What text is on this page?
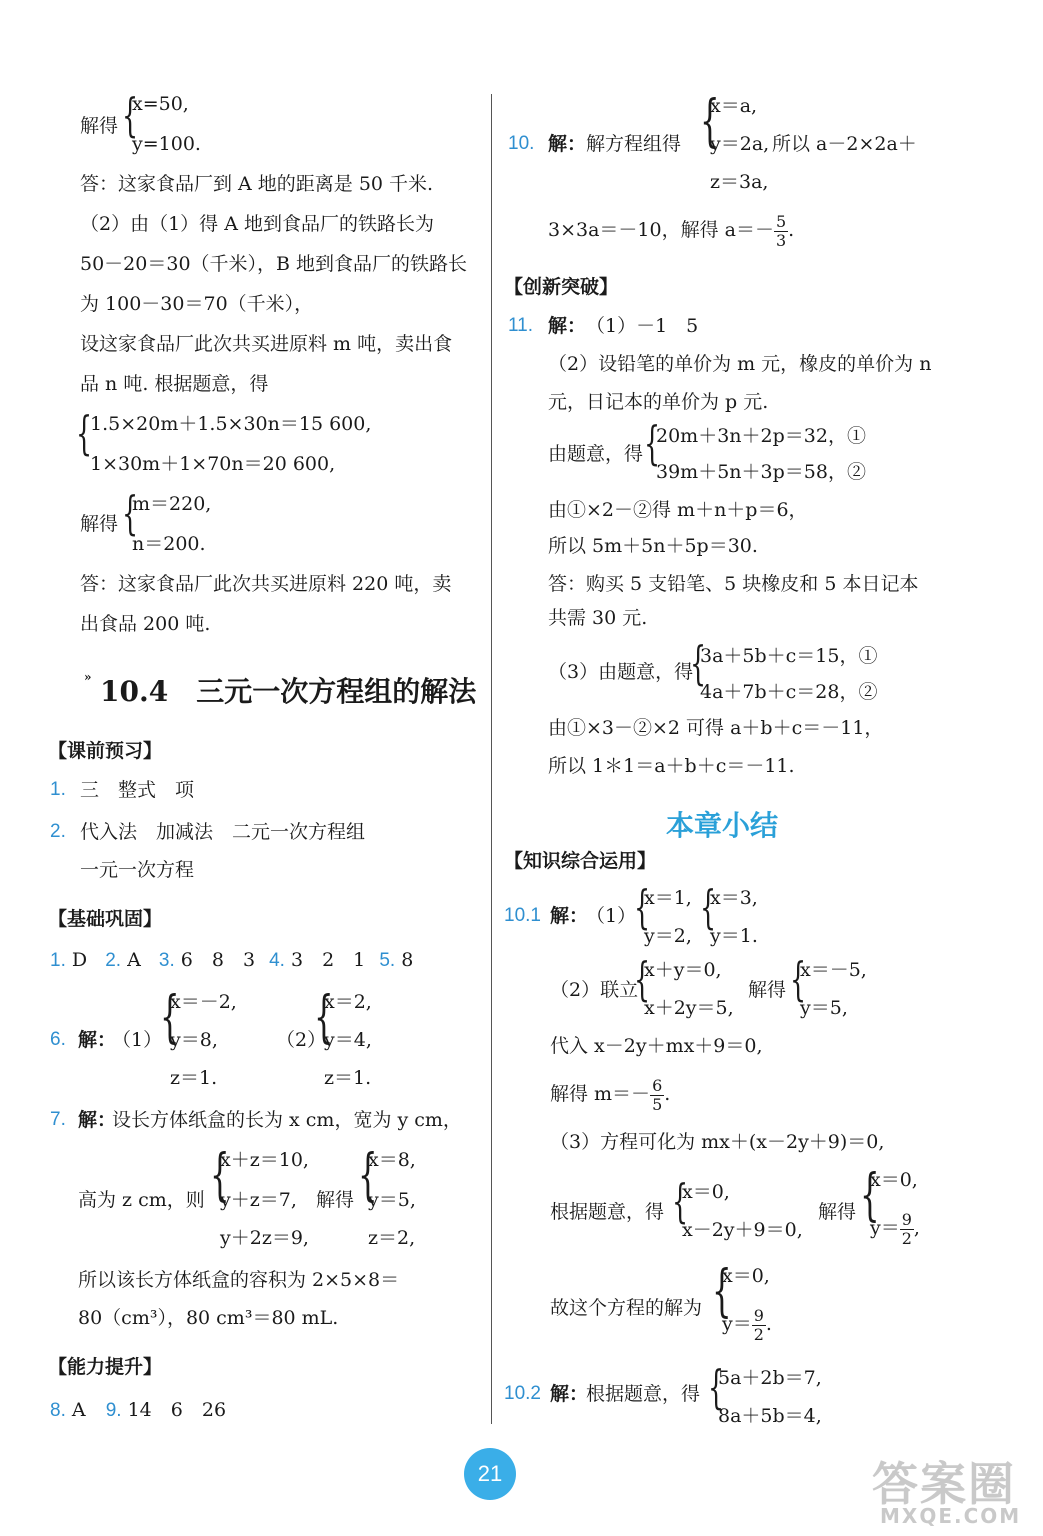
解得 {
x=50,
y=100.
答：这家食品厂到 A 地的距离是 50 千米.
（2）由（1）得 A 地到食品厂的铁路长为
50－20＝30（千米），B 地到食品厂的铁路长
为 100－30＝70（千米），
设这家食品厂此次共买进原料 m 吨，卖出食
品 n 吨. 根据题意，得
{
1.5×20m＋1.5×30n＝15 600,
1×30m＋1×70n＝20 600,
解得 {
m＝220,
n＝200.
答：这家食品厂此次共买进原料 220 吨，卖
出食品 200 吨.
» 10.4　三元一次方程组的解法
【课前预习】
1. 三　整式　项
2. 代入法　加减法　二元一次方程组
一元一次方程
【基础巩固】
1. D 2. A 3. 6　8　3 4. 3　2　1 5. 8
6. 解：
（1）
{
x＝－2,
y＝8,
z＝1.
（2）
{
x＝2,
y＝4,
z＝1.
7. 解：
设长方体纸盒的长为 x cm，宽为 y cm，
高为 z cm，则 {
x＋z＝10,
y＋z＝7,
y＋2z＝9,
解得 {
x＝8,
y＝5,
z＝2,
所以该长方体纸盒的容积为 2×5×8＝
80（cm³），80 cm³＝80 mL.
【能力提升】
8. A 9. 14　6　26
10. 解： 解方程组得 {
x＝a,
y＝2a,
z＝3a,
所以 a－2×2a＋
3×3a＝－10，解得 $a=- \frac{5}{3}$ .
【创新突破】
11. 解： （1）－1　5
（2）设铅笔的单价为 m 元，橡皮的单价为 n
元，日记本的单价为 p 元.
由题意，得 {
20m＋3n＋2p＝32，①
39m＋5n＋3p＝58，②
由①×2－②得 m＋n＋p＝6，
所以 5m＋5n＋5p＝30.
答：购买 5 支铅笔、5 块橡皮和 5 本日记本
共需 30 元.
（3）由题意，得
{
3a＋5b＋c＝15，①
4a＋7b＋c＝28，②
由①×3－②×2 可得 a＋b＋c＝－11，
所以 1＊1＝a＋b＋c＝－11.
本章小结
【知识综合运用】
10.1 解：
（1）
{
x＝1,
y＝2,
{
x＝3,
y＝1.
（2）联立
{
x＋y＝0,
x＋2y＝5,
解得 {
x＝－5,
y＝5,
代入 x－2y＋mx＋9＝0,
解得 $m=- \frac{6}{5}$ .
（3）方程可化为 mx＋(x－2y＋9)＝0,
根据题意，得 {
x＝0,
x－2y＋9＝0,
解得 {
x＝0,
$y= \frac{9}{2}$ ,
故这个方程的解为 {
x＝0,
$y= \frac{9}{2}$ .
10.2 解：
根据题意，得 {
5a＋2b＝7,
8a＋5b＝4,
21	答案圈
MXQE.COM
